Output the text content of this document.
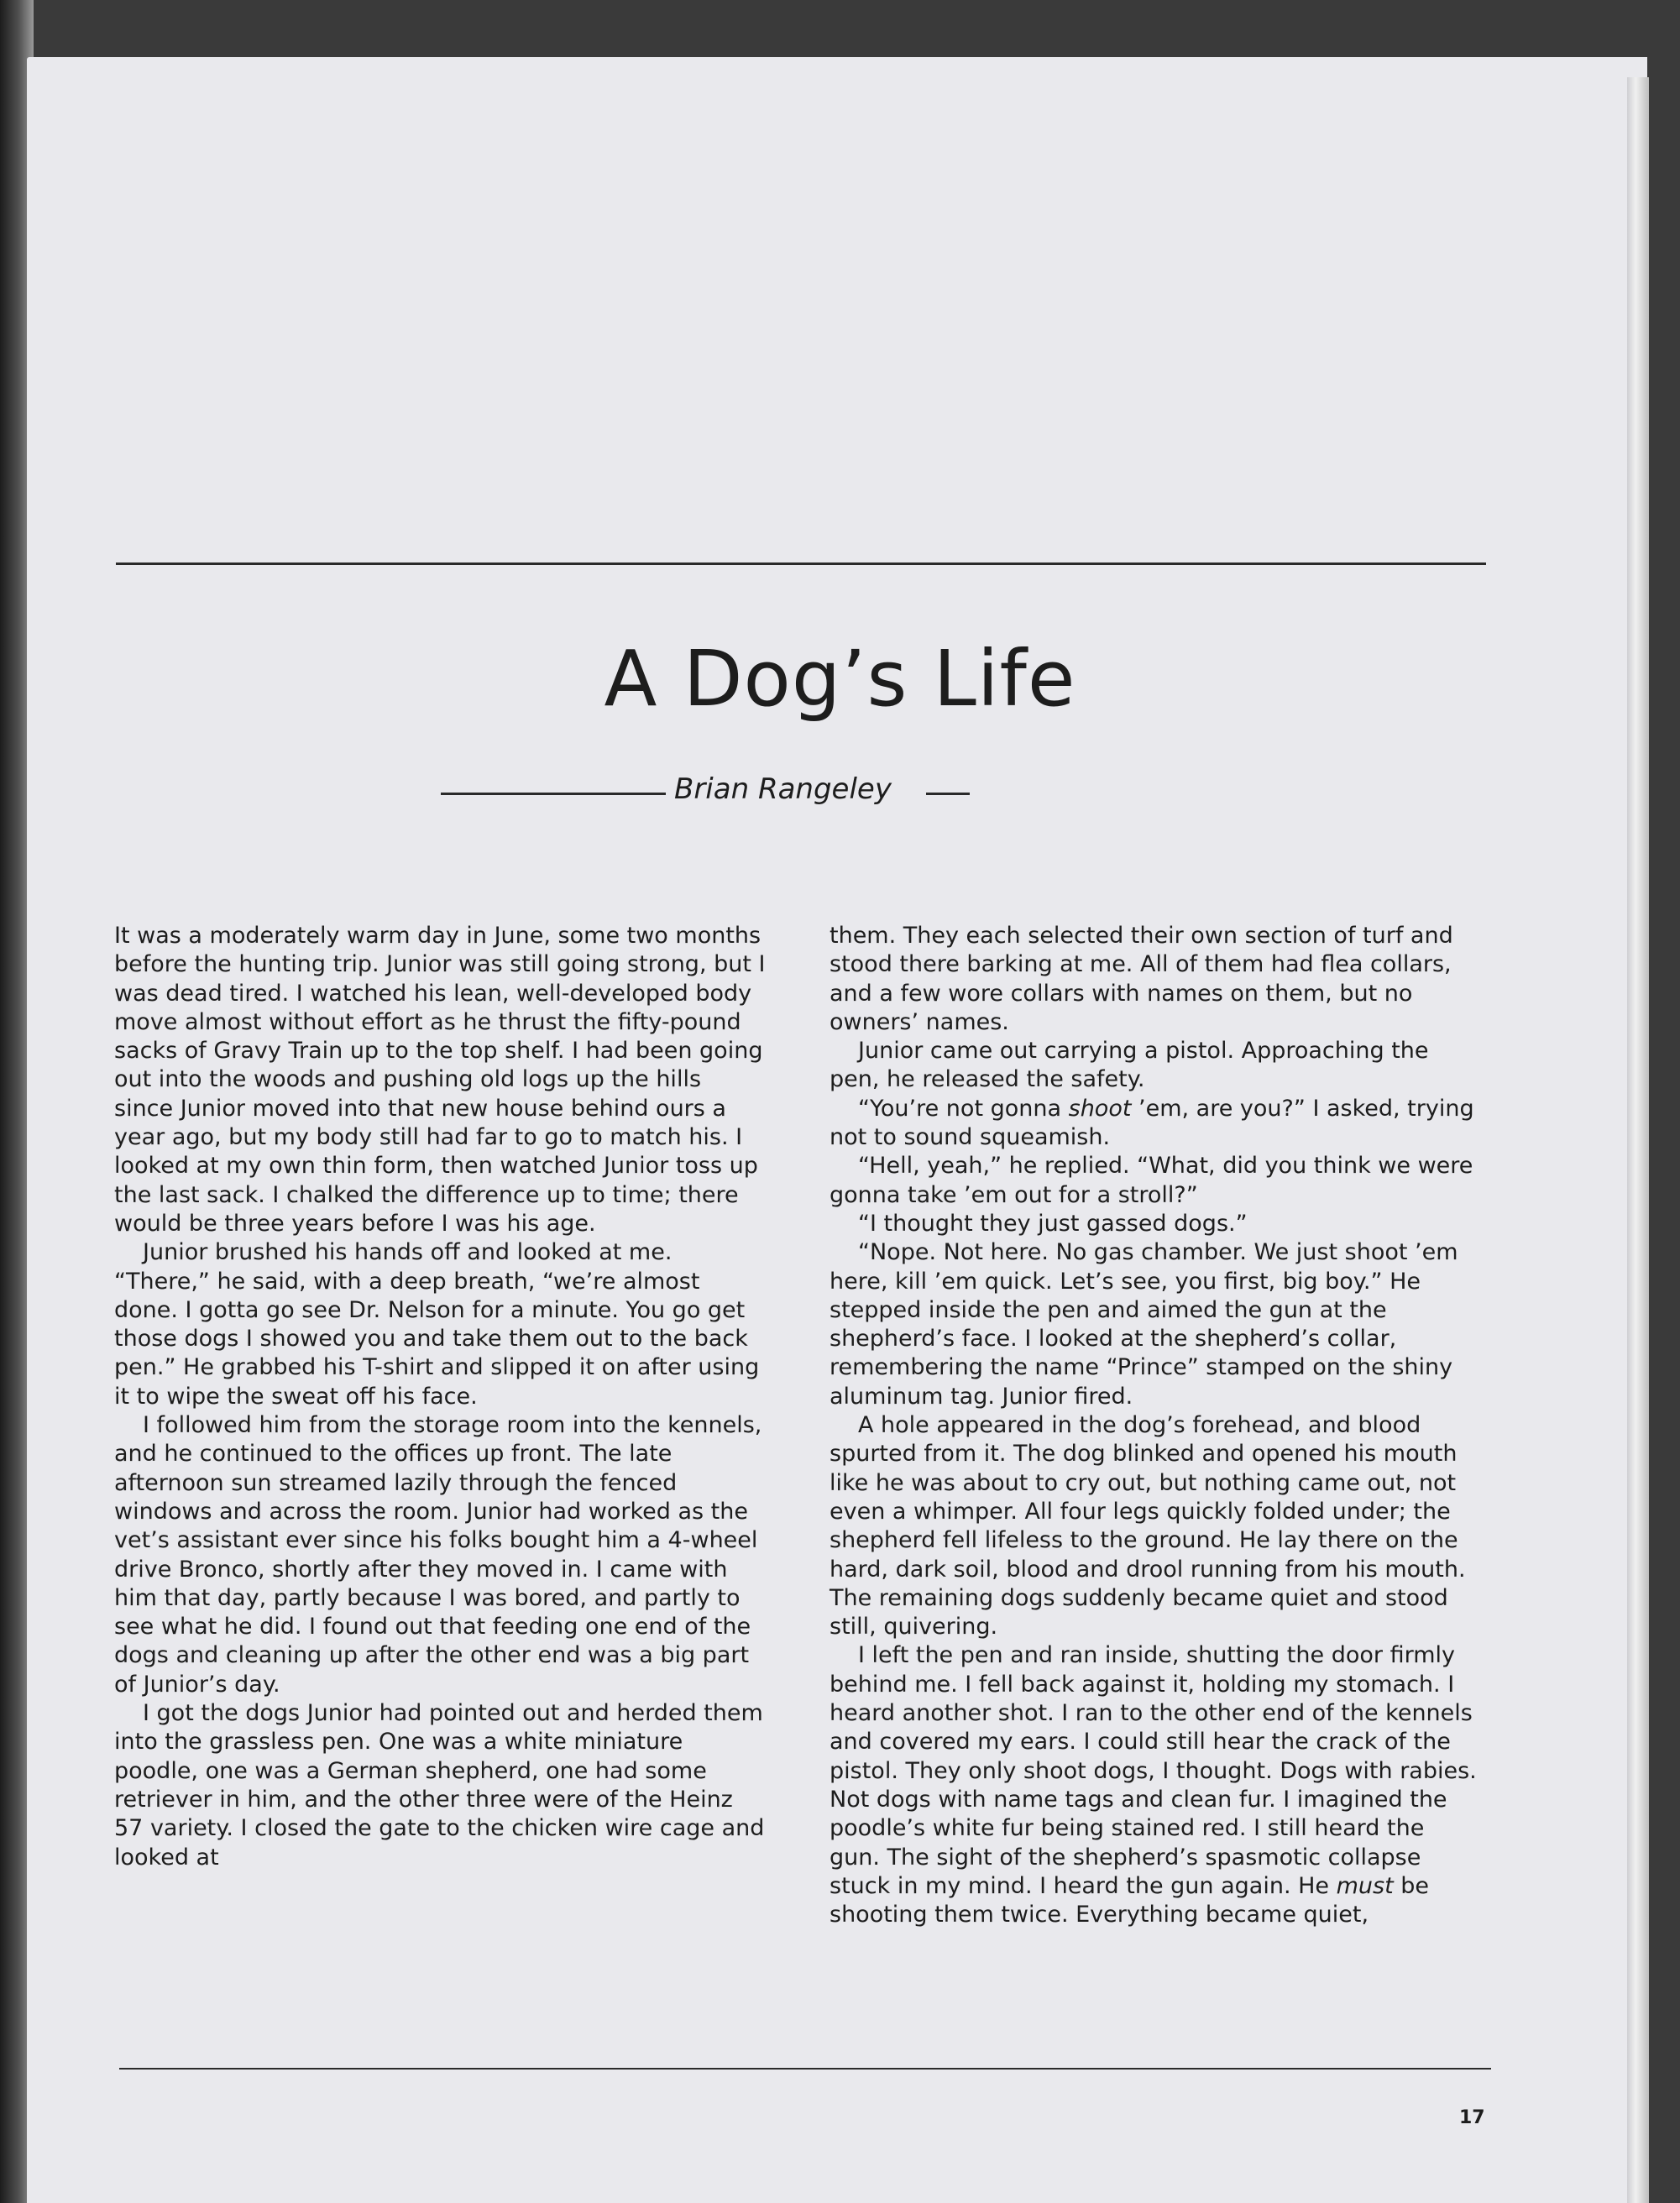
A Dog’s Life
Brian Rangeley

It was a moderately warm day in June, some two months before the hunting trip. Junior was still going strong, but I was dead tired. I watched his lean, well-developed body move almost without effort as he thrust the fifty-pound sacks of Gravy Train up to the top shelf. I had been going out into the woods and pushing old logs up the hills since Junior moved into that new house behind ours a year ago, but my body still had far to go to match his. I looked at my own thin form, then watched Junior toss up the last sack. I chalked the difference up to time; there would be three years before I was his age.

Junior brushed his hands off and looked at me. “There,” he said, with a deep breath, “we’re almost done. I gotta go see Dr. Nelson for a minute. You go get those dogs I showed you and take them out to the back pen.” He grabbed his T-shirt and slipped it on after using it to wipe the sweat off his face.

I followed him from the storage room into the kennels, and he continued to the offices up front. The late afternoon sun streamed lazily through the fenced windows and across the room. Junior had worked as the vet’s assistant ever since his folks bought him a 4-wheel drive Bronco, shortly after they moved in. I came with him that day, partly because I was bored, and partly to see what he did. I found out that feeding one end of the dogs and cleaning up after the other end was a big part of Junior’s day.

I got the dogs Junior had pointed out and herded them into the grassless pen. One was a white miniature poodle, one was a German shepherd, one had some retriever in him, and the other three were of the Heinz 57 variety. I closed the gate to the chicken wire cage and looked at

them. They each selected their own section of turf and stood there barking at me. All of them had flea collars, and a few wore collars with names on them, but no owners’ names.

Junior came out carrying a pistol. Approaching the pen, he released the safety.

“You’re not gonna shoot ’em, are you?” I asked, trying not to sound squeamish.

“Hell, yeah,” he replied. “What, did you think we were gonna take ’em out for a stroll?”

“I thought they just gassed dogs.”

“Nope. Not here. No gas chamber. We just shoot ’em here, kill ’em quick. Let’s see, you first, big boy.” He stepped inside the pen and aimed the gun at the shepherd’s face. I looked at the shepherd’s collar, remembering the name “Prince” stamped on the shiny aluminum tag. Junior fired.

A hole appeared in the dog’s forehead, and blood spurted from it. The dog blinked and opened his mouth like he was about to cry out, but nothing came out, not even a whimper. All four legs quickly folded under; the shepherd fell lifeless to the ground. He lay there on the hard, dark soil, blood and drool running from his mouth. The remaining dogs suddenly became quiet and stood still, quivering.

I left the pen and ran inside, shutting the door firmly behind me. I fell back against it, holding my stomach. I heard another shot. I ran to the other end of the kennels and covered my ears. I could still hear the crack of the pistol. They only shoot dogs, I thought. Dogs with rabies. Not dogs with name tags and clean fur. I imagined the poodle’s white fur being stained red. I still heard the gun. The sight of the shepherd’s spasmotic collapse stuck in my mind. I heard the gun again. He must be shooting them twice. Everything became quiet,

17
